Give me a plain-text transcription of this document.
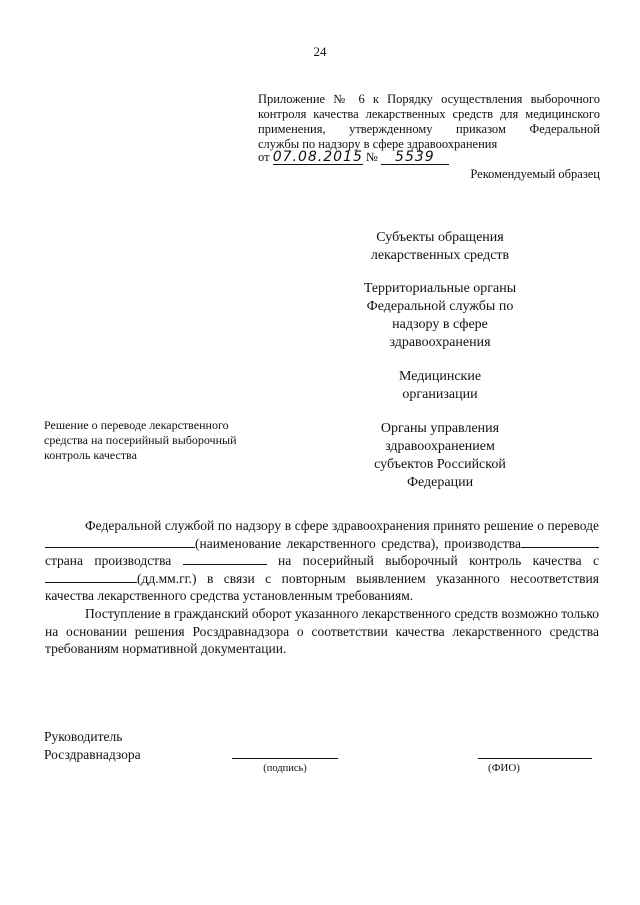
24
Приложение № 6 к Порядку осуществления выборочного
контроля качества лекарственных средств для медицинского
применения, утвержденному приказом Федеральной
службы по надзору в сфере здравоохранения
от 07.08.2015 № 5539
Рекомендуемый образец
Субъекты обращения
лекарственных средств
Территориальные органы
Федеральной службы по
надзору в сфере
здравоохранения
Медицинские
организации
Органы управления
здравоохранением
субъектов Российской
Федерации
Решение о переводе лекарственного
средства на посерийный выборочный
контроль качества

Федеральной службой по надзору в сфере здравоохранения принято решение о переводе (наименование лекарственного средства), производства страна производства	на посерийный выборочный контроль качества с (дд.мм.гг.) в связи с повторным выявлением указанного несоответствия качества лекарственного средства установленным требованиям.

Поступление в гражданский оборот указанного лекарственного средств возможно только на основании решения Росздравнадзора о соответствии качества лекарственного средства требованиям нормативной документации.

Руководитель
Росздравнадзора
(подпись)	(ФИО)
